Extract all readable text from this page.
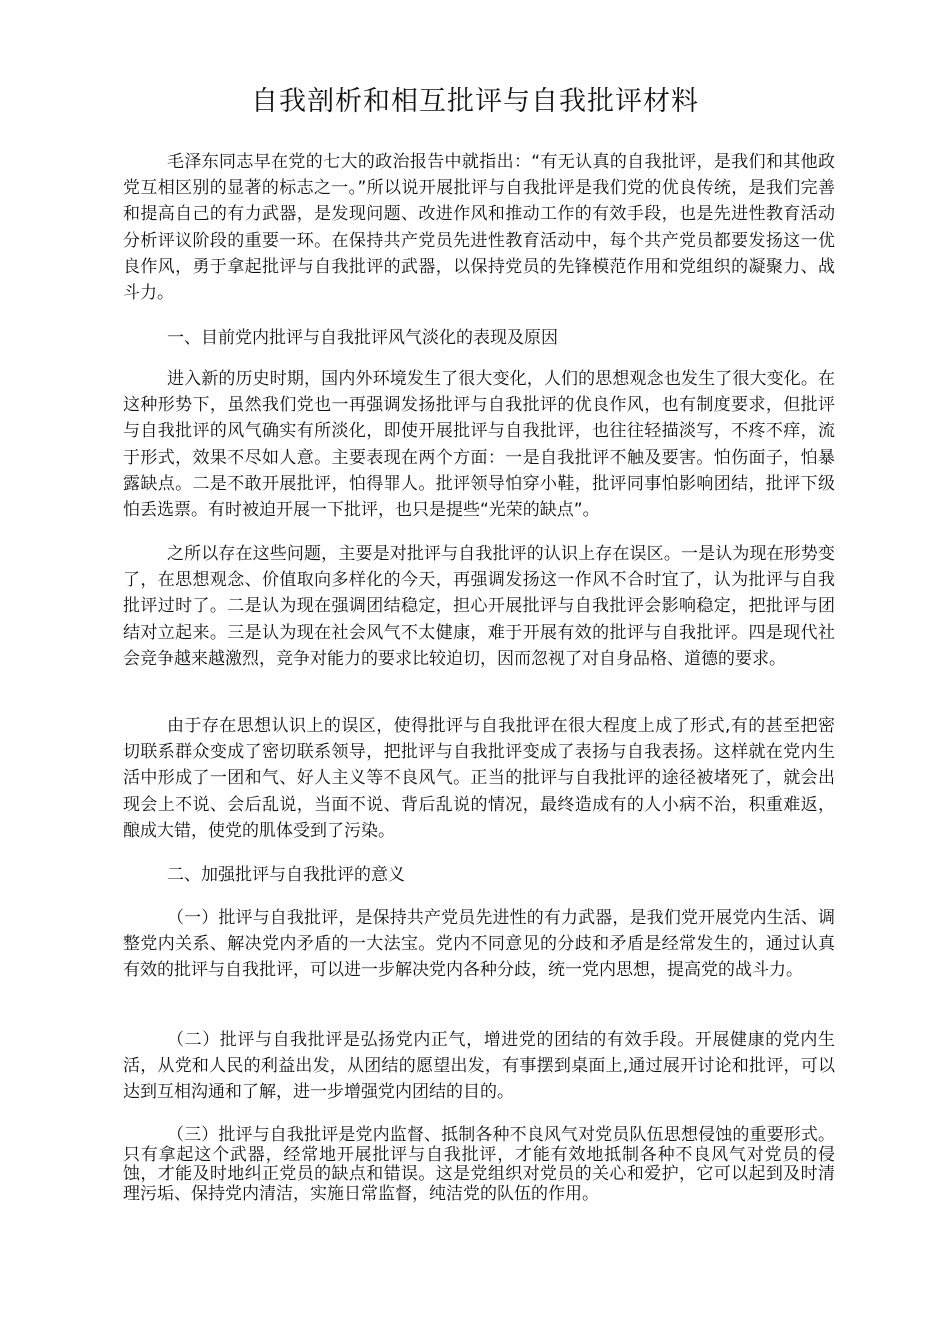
自我剖析和相互批评与自我批评材料

毛泽东同志早在党的七大的政治报告中就指出：“有无认真的自我批评，是我们和其他政党互相区别的显著的标志之一。”所以说开展批评与自我批评是我们党的优良传统，是我们完善和提高自己的有力武器，是发现问题、改进作风和推动工作的有效手段，也是先进性教育活动分析评议阶段的重要一环。在保持共产党员先进性教育活动中，每个共产党员都要发扬这一优良作风，勇于拿起批评与自我批评的武器，以保持党员的先锋模范作用和党组织的凝聚力、战斗力。

一、目前党内批评与自我批评风气淡化的表现及原因

进入新的历史时期，国内外环境发生了很大变化，人们的思想观念也发生了很大变化。在这种形势下，虽然我们党也一再强调发扬批评与自我批评的优良作风，也有制度要求，但批评与自我批评的风气确实有所淡化，即使开展批评与自我批评，也往往轻描淡写，不疼不痒，流于形式，效果不尽如人意。主要表现在两个方面：一是自我批评不触及要害。怕伤面子，怕暴露缺点。二是不敢开展批评，怕得罪人。批评领导怕穿小鞋，批评同事怕影响团结，批评下级怕丢选票。有时被迫开展一下批评，也只是提些“光荣的缺点”。

之所以存在这些问题，主要是对批评与自我批评的认识上存在误区。一是认为现在形势变了，在思想观念、价值取向多样化的今天，再强调发扬这一作风不合时宜了，认为批评与自我批评过时了。二是认为现在强调团结稳定，担心开展批评与自我批评会影响稳定，把批评与团结对立起来。三是认为现在社会风气不太健康，难于开展有效的批评与自我批评。四是现代社会竞争越来越激烈，竞争对能力的要求比较迫切，因而忽视了对自身品格、道德的要求。

由于存在思想认识上的误区，使得批评与自我批评在很大程度上成了形式,有的甚至把密切联系群众变成了密切联系领导，把批评与自我批评变成了表扬与自我表扬。这样就在党内生活中形成了一团和气、好人主义等不良风气。正当的批评与自我批评的途径被堵死了，就会出现会上不说、会后乱说，当面不说、背后乱说的情况，最终造成有的人小病不治，积重难返，酿成大错，使党的肌体受到了污染。

二、加强批评与自我批评的意义

（一）批评与自我批评，是保持共产党员先进性的有力武器，是我们党开展党内生活、调整党内关系、解决党内矛盾的一大法宝。党内不同意见的分歧和矛盾是经常发生的，通过认真有效的批评与自我批评，可以进一步解决党内各种分歧，统一党内思想，提高党的战斗力。

（二）批评与自我批评是弘扬党内正气，增进党的团结的有效手段。开展健康的党内生活，从党和人民的利益出发，从团结的愿望出发，有事摆到桌面上,通过展开讨论和批评，可以达到互相沟通和了解，进一步增强党内团结的目的。

（三）批评与自我批评是党内监督、抵制各种不良风气对党员队伍思想侵蚀的重要形式。只有拿起这个武器，经常地开展批评与自我批评，才能有效地抵制各种不良风气对党员的侵蚀，才能及时地纠正党员的缺点和错误。这是党组织对党员的关心和爱护，它可以起到及时清理污垢、保持党内清洁，实施日常监督，纯洁党的队伍的作用。
